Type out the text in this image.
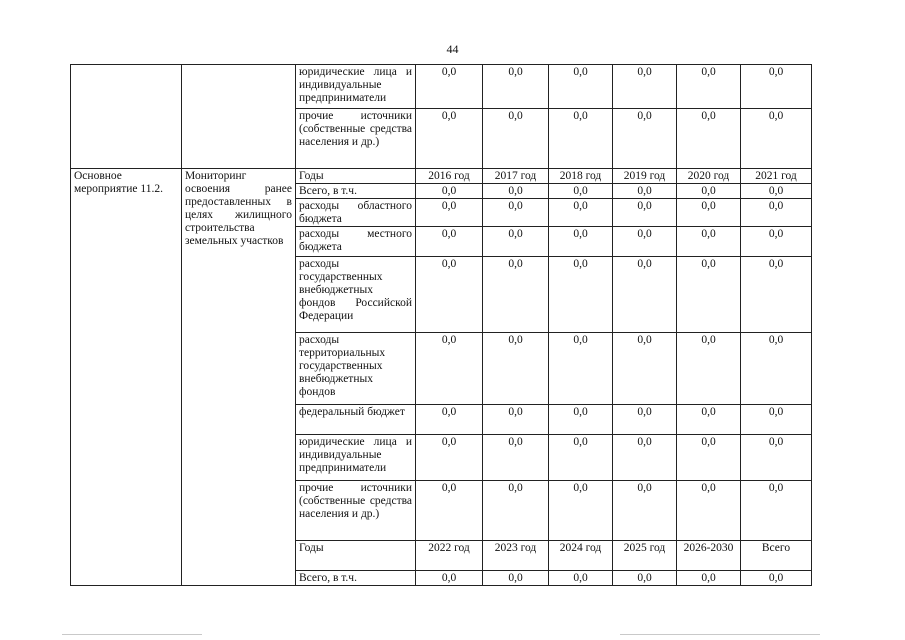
44
		юридические лица и индивидуальные предприниматели	0,0	0,0	0,0	0,0	0,0	0,0
		прочие источники (собственные средства населения и др.)	0,0	0,0	0,0	0,0	0,0	0,0
Основное мероприятие 11.2.	Мониторинг освоения ранее предоставленных в целях жилищного строительства земельных участков	Годы	2016 год	2017 год	2018 год	2019 год	2020 год	2021 год
		Всего, в т.ч.	0,0	0,0	0,0	0,0	0,0	0,0
		расходы областного бюджета	0,0	0,0	0,0	0,0	0,0	0,0
		расходы местного бюджета	0,0	0,0	0,0	0,0	0,0	0,0
		расходы государственных внебюджетных фондов Российской Федерации	0,0	0,0	0,0	0,0	0,0	0,0
		расходы территориальных государственных внебюджетных фондов	0,0	0,0	0,0	0,0	0,0	0,0
		федеральный бюджет	0,0	0,0	0,0	0,0	0,0	0,0
		юридические лица и индивидуальные предприниматели	0,0	0,0	0,0	0,0	0,0	0,0
		прочие источники (собственные средства населения и др.)	0,0	0,0	0,0	0,0	0,0	0,0
		Годы	2022 год	2023 год	2024 год	2025 год	2026-2030	Всего
		Всего, в т.ч.	0,0	0,0	0,0	0,0	0,0	0,0
